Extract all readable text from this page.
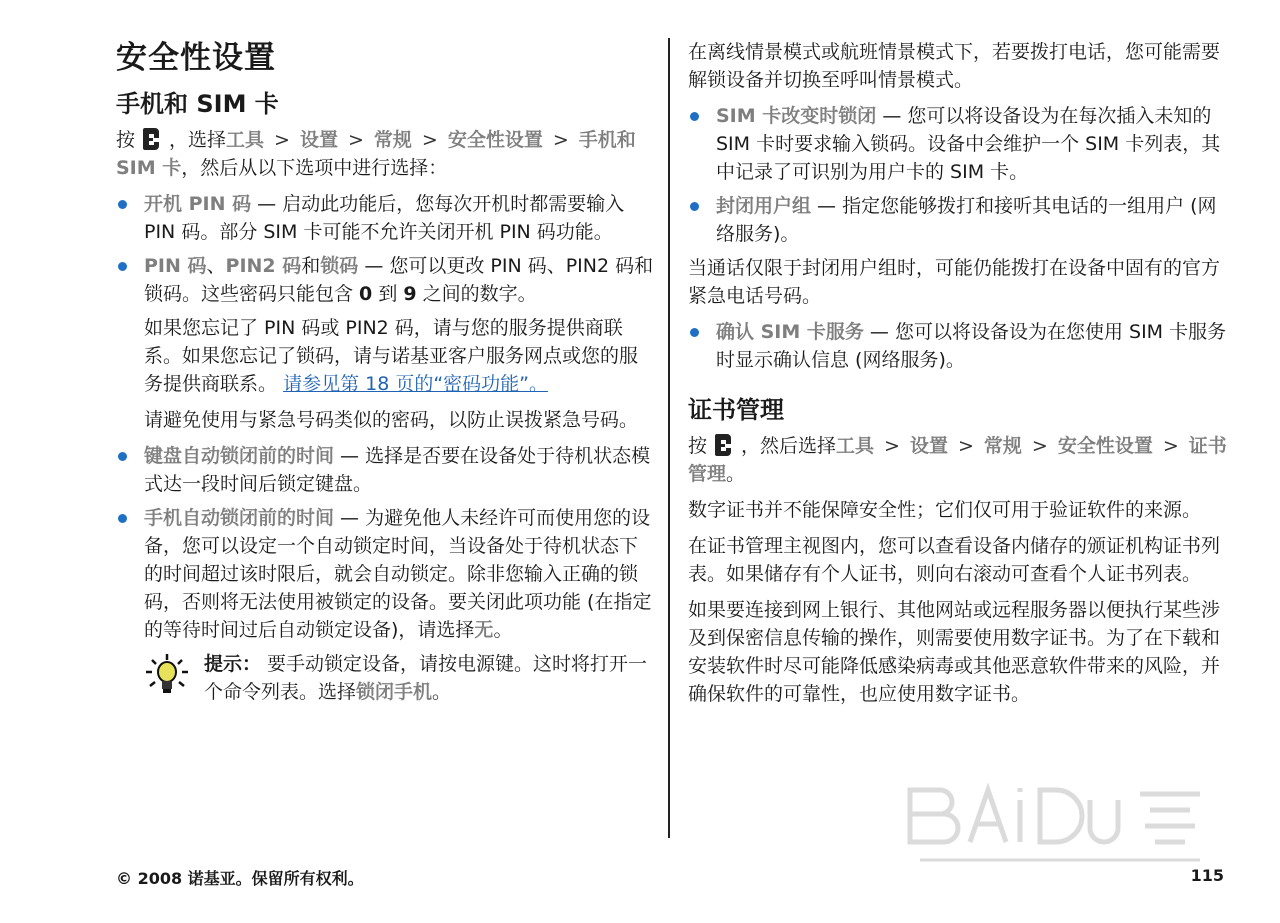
安全性设置
手机和 SIM 卡

按 ，选择工具 > 设置 > 常规 > 安全性设置 > 手机和 SIM 卡，然后从以下选项中进行选择：

开机 PIN 码 — 启动此功能后，您每次开机时都需要输入 PIN 码。部分 SIM 卡可能不允许关闭开机 PIN 码功能。
PIN 码、PIN2 码和锁码 — 您可以更改 PIN 码、PIN2 码和锁码。这些密码只能包含 0 到 9 之间的数字。

如果您忘记了 PIN 码或 PIN2 码，请与您的服务提供商联系。如果您忘记了锁码，请与诺基亚客户服务网点或您的服务提供商联系。 请参见第 18 页的“密码功能”。

请避免使用与紧急号码类似的密码，以防止误拨紧急号码。

键盘自动锁闭前的时间 — 选择是否要在设备处于待机状态模式达一段时间后锁定键盘。
手机自动锁闭前的时间 — 为避免他人未经许可而使用您的设备，您可以设定一个自动锁定时间，当设备处于待机状态下的时间超过该时限后，就会自动锁定。除非您输入正确的锁码，否则将无法使用被锁定的设备。要关闭此项功能 (在指定的等待时间过后自动锁定设备)，请选择无。
提示： 要手动锁定设备，请按电源键。这时将打开一个命令列表。选择锁闭手机。

在离线情景模式或航班情景模式下，若要拨打电话，您可能需要解锁设备并切换至呼叫情景模式。

SIM 卡改变时锁闭 — 您可以将设备设为在每次插入未知的 SIM 卡时要求输入锁码。设备中会维护一个 SIM 卡列表，其中记录了可识别为用户卡的 SIM 卡。
封闭用户组 — 指定您能够拨打和接听其电话的一组用户 (网络服务)。

当通话仅限于封闭用户组时，可能仍能拨打在设备中固有的官方紧急电话号码。

确认 SIM 卡服务 — 您可以将设备设为在您使用 SIM 卡服务时显示确认信息 (网络服务)。
证书管理

按 ，然后选择工具 > 设置 > 常规 > 安全性设置 > 证书管理。

数字证书并不能保障安全性；它们仅可用于验证软件的来源。

在证书管理主视图内，您可以查看设备内储存的颁证机构证书列表。如果储存有个人证书，则向右滚动可查看个人证书列表。

如果要连接到网上银行、其他网站或远程服务器以便执行某些涉及到保密信息传输的操作，则需要使用数字证书。为了在下载和安装软件时尽可能降低感染病毒或其他恶意软件带来的风险，并确保软件的可靠性，也应使用数字证书。

© 2008 诺基亚。保留所有权利。	115
